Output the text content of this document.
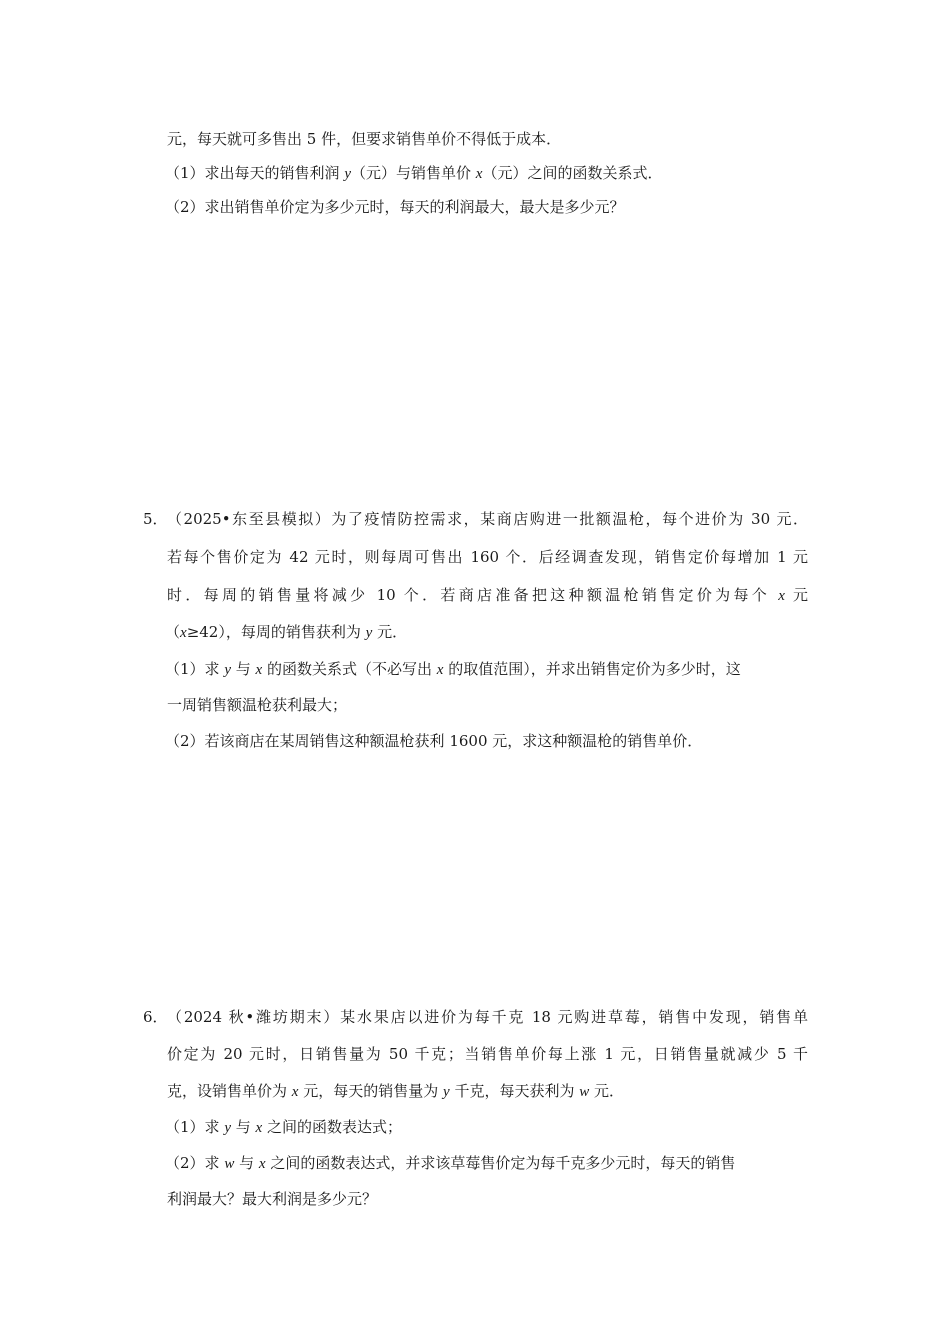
元，每天就可多售出 5 件，但要求销售单价不得低于成本．
（1）求出每天的销售利润 y（元）与销售单价 x（元）之间的函数关系式．
（2）求出销售单价定为多少元时，每天的利润最大，最大是多少元？
5． （2025•东至县模拟）为了疫情防控需求，某商店购进一批额温枪，每个进价为 30 元．
若每个售价定为 42 元时，则每周可售出 160 个．后经调查发现，销售定价每增加 1 元
时．每周的销售量将减少 10 个．若商店准备把这种额温枪销售定价为每个 x 元
（x≥42），每周的销售获利为 y 元．
（1）求 y 与 x 的函数关系式（不必写出 x 的取值范围），并求出销售定价为多少时，这
一周销售额温枪获利最大；
（2）若该商店在某周销售这种额温枪获利 1600 元，求这种额温枪的销售单价．
6． （2024 秋•潍坊期末）某水果店以进价为每千克 18 元购进草莓，销售中发现，销售单
价定为 20 元时，日销售量为 50 千克；当销售单价每上涨 1 元，日销售量就减少 5 千
克，设销售单价为 x 元，每天的销售量为 y 千克，每天获利为 w 元．
（1）求 y 与 x 之间的函数表达式；
（2）求 w 与 x 之间的函数表达式，并求该草莓售价定为每千克多少元时，每天的销售
利润最大？最大利润是多少元？
